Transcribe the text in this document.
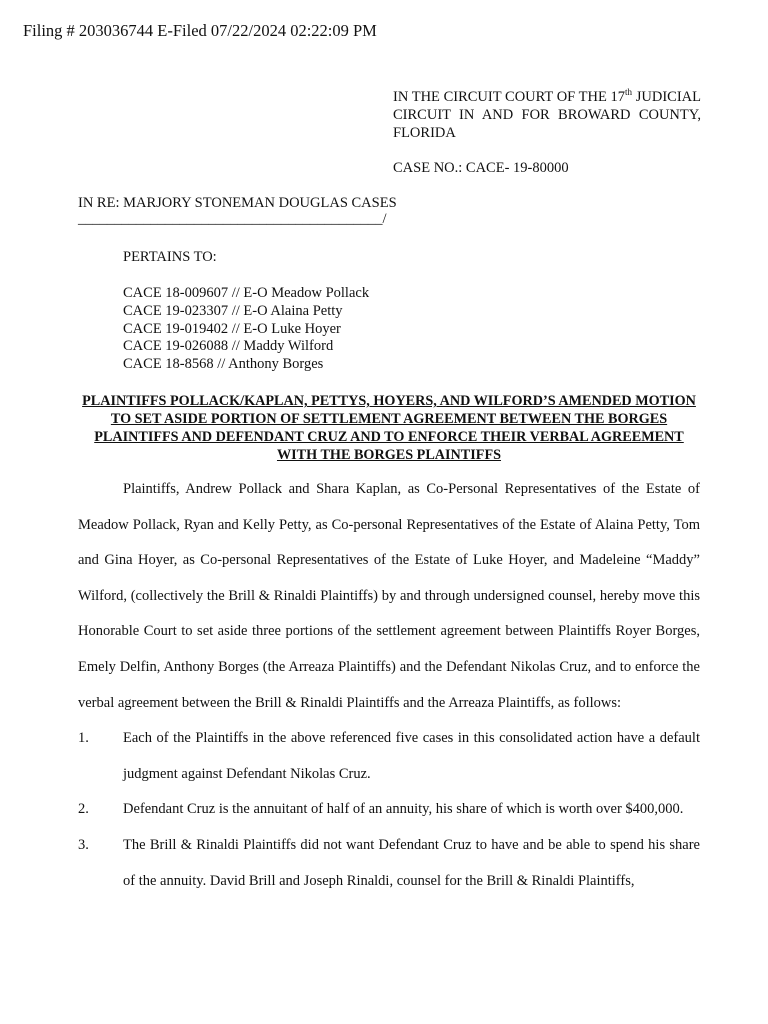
Filing # 203036744 E-Filed 07/22/2024 02:22:09 PM
IN THE CIRCUIT COURT OF THE 17th JUDICIAL CIRCUIT IN AND FOR BROWARD COUNTY, FLORIDA
CASE NO.: CACE- 19-80000
IN RE: MARJORY STONEMAN DOUGLAS CASES
__________________________________________/
PERTAINS TO:
CACE 18-009607 // E-O Meadow Pollack
CACE 19-023307 // E-O Alaina Petty
CACE 19-019402 // E-O Luke Hoyer
CACE 19-026088 // Maddy Wilford
CACE 18-8568 // Anthony Borges
PLAINTIFFS POLLACK/KAPLAN, PETTYS, HOYERS, AND WILFORD’S AMENDED MOTION TO SET ASIDE PORTION OF SETTLEMENT AGREEMENT BETWEEN THE BORGES PLAINTIFFS AND DEFENDANT CRUZ AND TO ENFORCE THEIR VERBAL AGREEMENT WITH THE BORGES PLAINTIFFS

Plaintiffs, Andrew Pollack and Shara Kaplan, as Co-Personal Representatives of the Estate of Meadow Pollack, Ryan and Kelly Petty, as Co-personal Representatives of the Estate of Alaina Petty, Tom and Gina Hoyer, as Co-personal Representatives of the Estate of Luke Hoyer, and Madeleine “Maddy” Wilford, (collectively the Brill & Rinaldi Plaintiffs) by and through undersigned counsel, hereby move this Honorable Court to set aside three portions of the settlement agreement between Plaintiffs Royer Borges, Emely Delfin, Anthony Borges (the Arreaza Plaintiffs) and the Defendant Nikolas Cruz, and to enforce the verbal agreement between the Brill & Rinaldi Plaintiffs and the Arreaza Plaintiffs, as follows:

1. Each of the Plaintiffs in the above referenced five cases in this consolidated action have a default judgment against Defendant Nikolas Cruz.
2. Defendant Cruz is the annuitant of half of an annuity, his share of which is worth over $400,000.
3. The Brill & Rinaldi Plaintiffs did not want Defendant Cruz to have and be able to spend his share of the annuity. David Brill and Joseph Rinaldi, counsel for the Brill & Rinaldi Plaintiffs,
